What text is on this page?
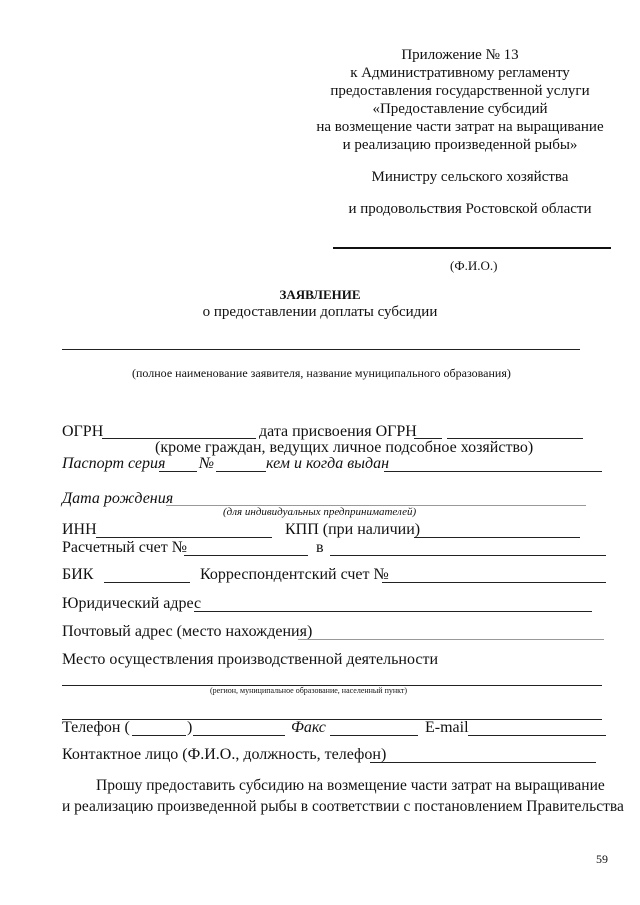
Приложение № 13
к Административному регламенту
предоставления государственной услуги
«Предоставление субсидий
на возмещение части затрат на выращивание
и реализацию произведенной рыбы»
Министру сельского хозяйства
и продовольствия Ростовской области
(Ф.И.О.)
ЗАЯВЛЕНИЕ
о предоставлении доплаты субсидии
(полное наименование заявителя, название муниципального образования)
ОГРН	дата присвоения ОГРН
(кроме граждан, ведущих личное подсобное хозяйство)
Паспорт серия №	кем и когда выдан
Дата рождения
(для индивидуальных предпринимателей)
ИНН	КПП (при наличии)
Расчетный счет №	в
БИК	Корреспондентский счет №
Юридический адрес
Почтовый адрес (место нахождения)
Место осуществления производственной деятельности
(регион, муниципальное образование, населенный пункт)
Телефон (	)	Факс	E-mail
Контактное лицо (Ф.И.О., должность, телефон)
Прошу предоставить субсидию на возмещение части затрат на выращивание
и реализацию произведенной рыбы в соответствии с постановлением Правительства
59
